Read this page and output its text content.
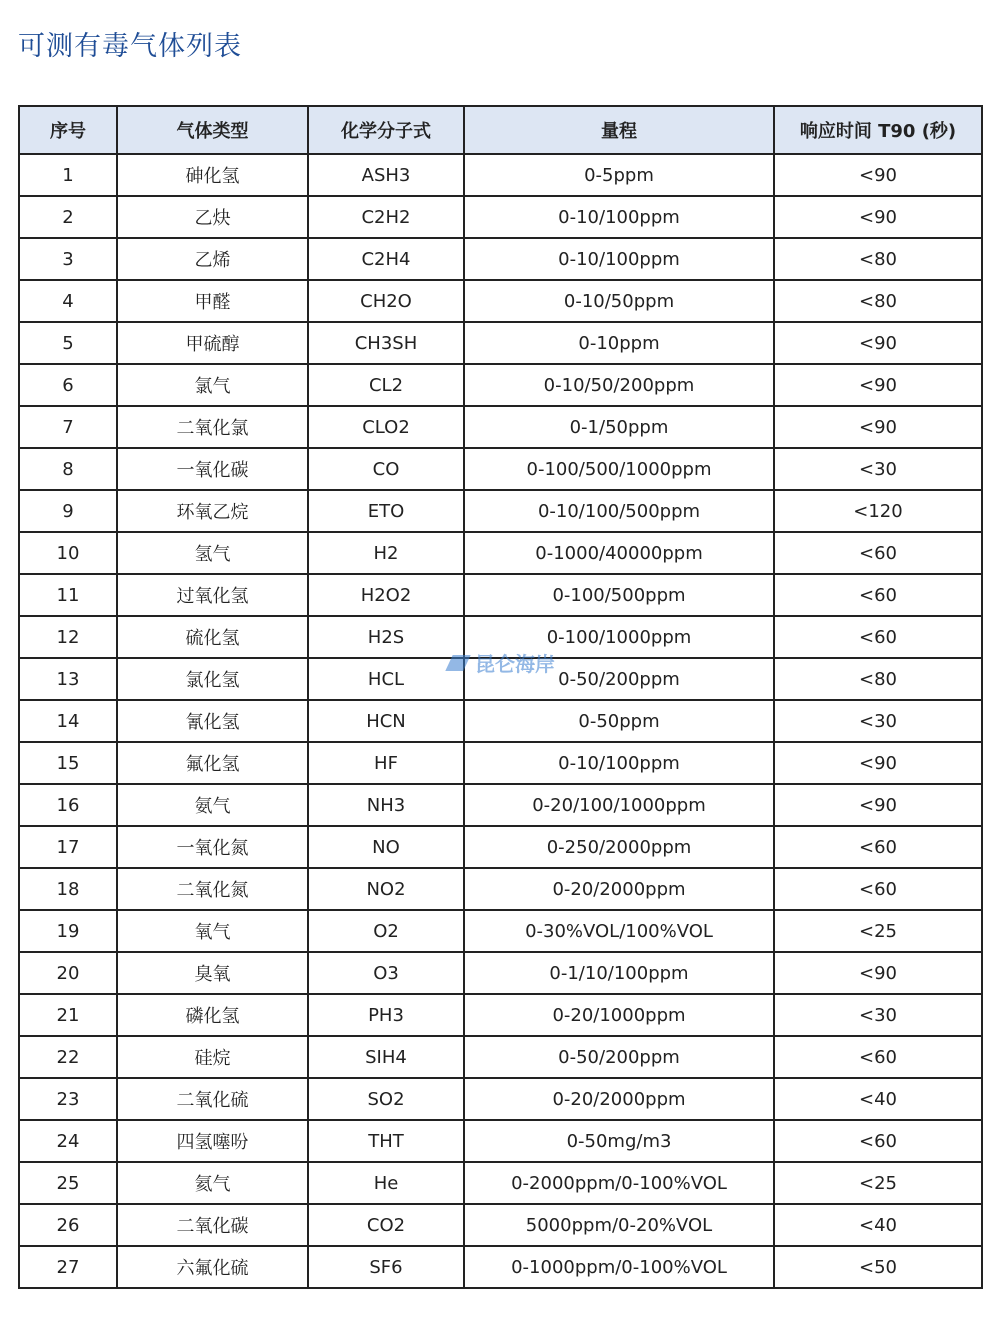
可测有毒气体列表
序号	气体类型	化学分子式	量程	响应时间 T90 (秒)
1	砷化氢	ASH3	0-5ppm	<90
2	乙炔	C2H2	0-10/100ppm	<90
3	乙烯	C2H4	0-10/100ppm	<80
4	甲醛	CH2O	0-10/50ppm	<80
5	甲硫醇	CH3SH	0-10ppm	<90
6	氯气	CL2	0-10/50/200ppm	<90
7	二氧化氯	CLO2	0-1/50ppm	<90
8	一氧化碳	CO	0-100/500/1000ppm	<30
9	环氧乙烷	ETO	0-10/100/500ppm	<120
10	氢气	H2	0-1000/40000ppm	<60
11	过氧化氢	H2O2	0-100/500ppm	<60
12	硫化氢	H2S	0-100/1000ppm	<60
13	氯化氢	HCL	0-50/200ppm	<80
14	氰化氢	HCN	0-50ppm	<30
15	氟化氢	HF	0-10/100ppm	<90
16	氨气	NH3	0-20/100/1000ppm	<90
17	一氧化氮	NO	0-250/2000ppm	<60
18	二氧化氮	NO2	0-20/2000ppm	<60
19	氧气	O2	0-30%VOL/100%VOL	<25
20	臭氧	O3	0-1/10/100ppm	<90
21	磷化氢	PH3	0-20/1000ppm	<30
22	硅烷	SIH4	0-50/200ppm	<60
23	二氧化硫	SO2	0-20/2000ppm	<40
24	四氢噻吩	THT	0-50mg/m3	<60
25	氦气	He	0-2000ppm/0-100%VOL	<25
26	二氧化碳	CO2	5000ppm/0-20%VOL	<40
27	六氟化硫	SF6	0-1000ppm/0-100%VOL	<50
昆仑海岸
